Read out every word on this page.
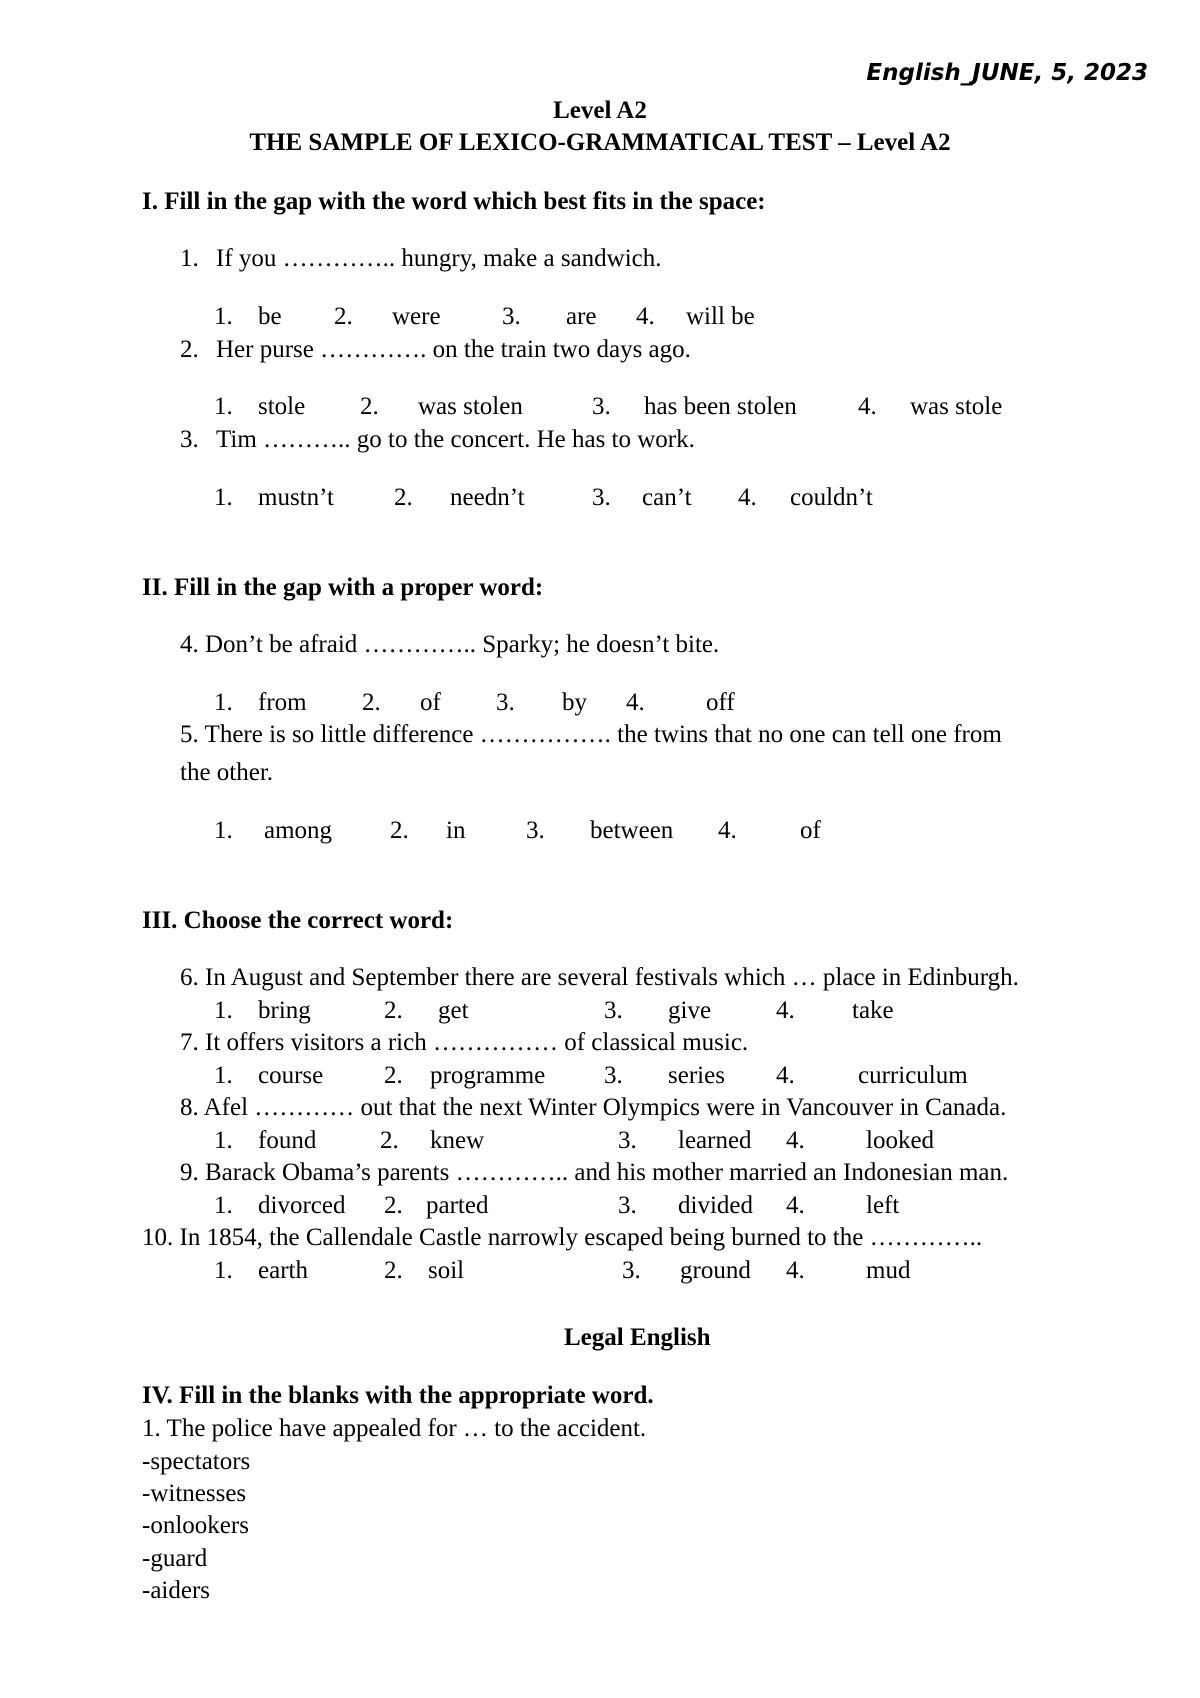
English_JUNE, 5, 2023
Level A2
THE SAMPLE OF LEXICO-GRAMMATICAL TEST – Level A2
I. Fill in the gap with the word which best fits in the space:
1. If you ………….. hungry, make a sandwich.
1. be 2. were 3. are 4. will be
2. Her purse …………. on the train two days ago.
1. stole 2. was stolen	3. has been stolen 4. was stole
3. Tim ……….. go to the concert. He has to work.
1. mustn’t 2. needn’t	3. can’t 4. couldn’t
II. Fill in the gap with a proper word:
4. Don’t be afraid ………….. Sparky; he doesn’t bite.
1. from 2. of 3. by 4. off
5. There is so little difference ……………. the twins that no one can tell one from
the other.
1. among 2. in 3. between 4.	of
III. Choose the correct word:
6. In August and September there are several festivals which … place in Edinburgh.
1. bring	2. get	3. give	4. take
7. It offers visitors a rich …………… of classical music.
1. course 2. programme 3. series 4.	curriculum
8. Afel ………… out that the next Winter Olympics were in Vancouver in Canada.
1. found	2. knew	3. learned 4. looked
9. Barack Obama’s parents ………….. and his mother married an Indonesian man.
1. divorced 2. parted	3. divided 4. left
10. In 1854, the Callendale Castle narrowly escaped being burned to the …………..
1. earth	2. soil	3. ground 4. mud
Legal English
IV. Fill in the blanks with the appropriate word.
1. The police have appealed for … to the accident.
-spectators
-witnesses
-onlookers
-guard
-aiders
